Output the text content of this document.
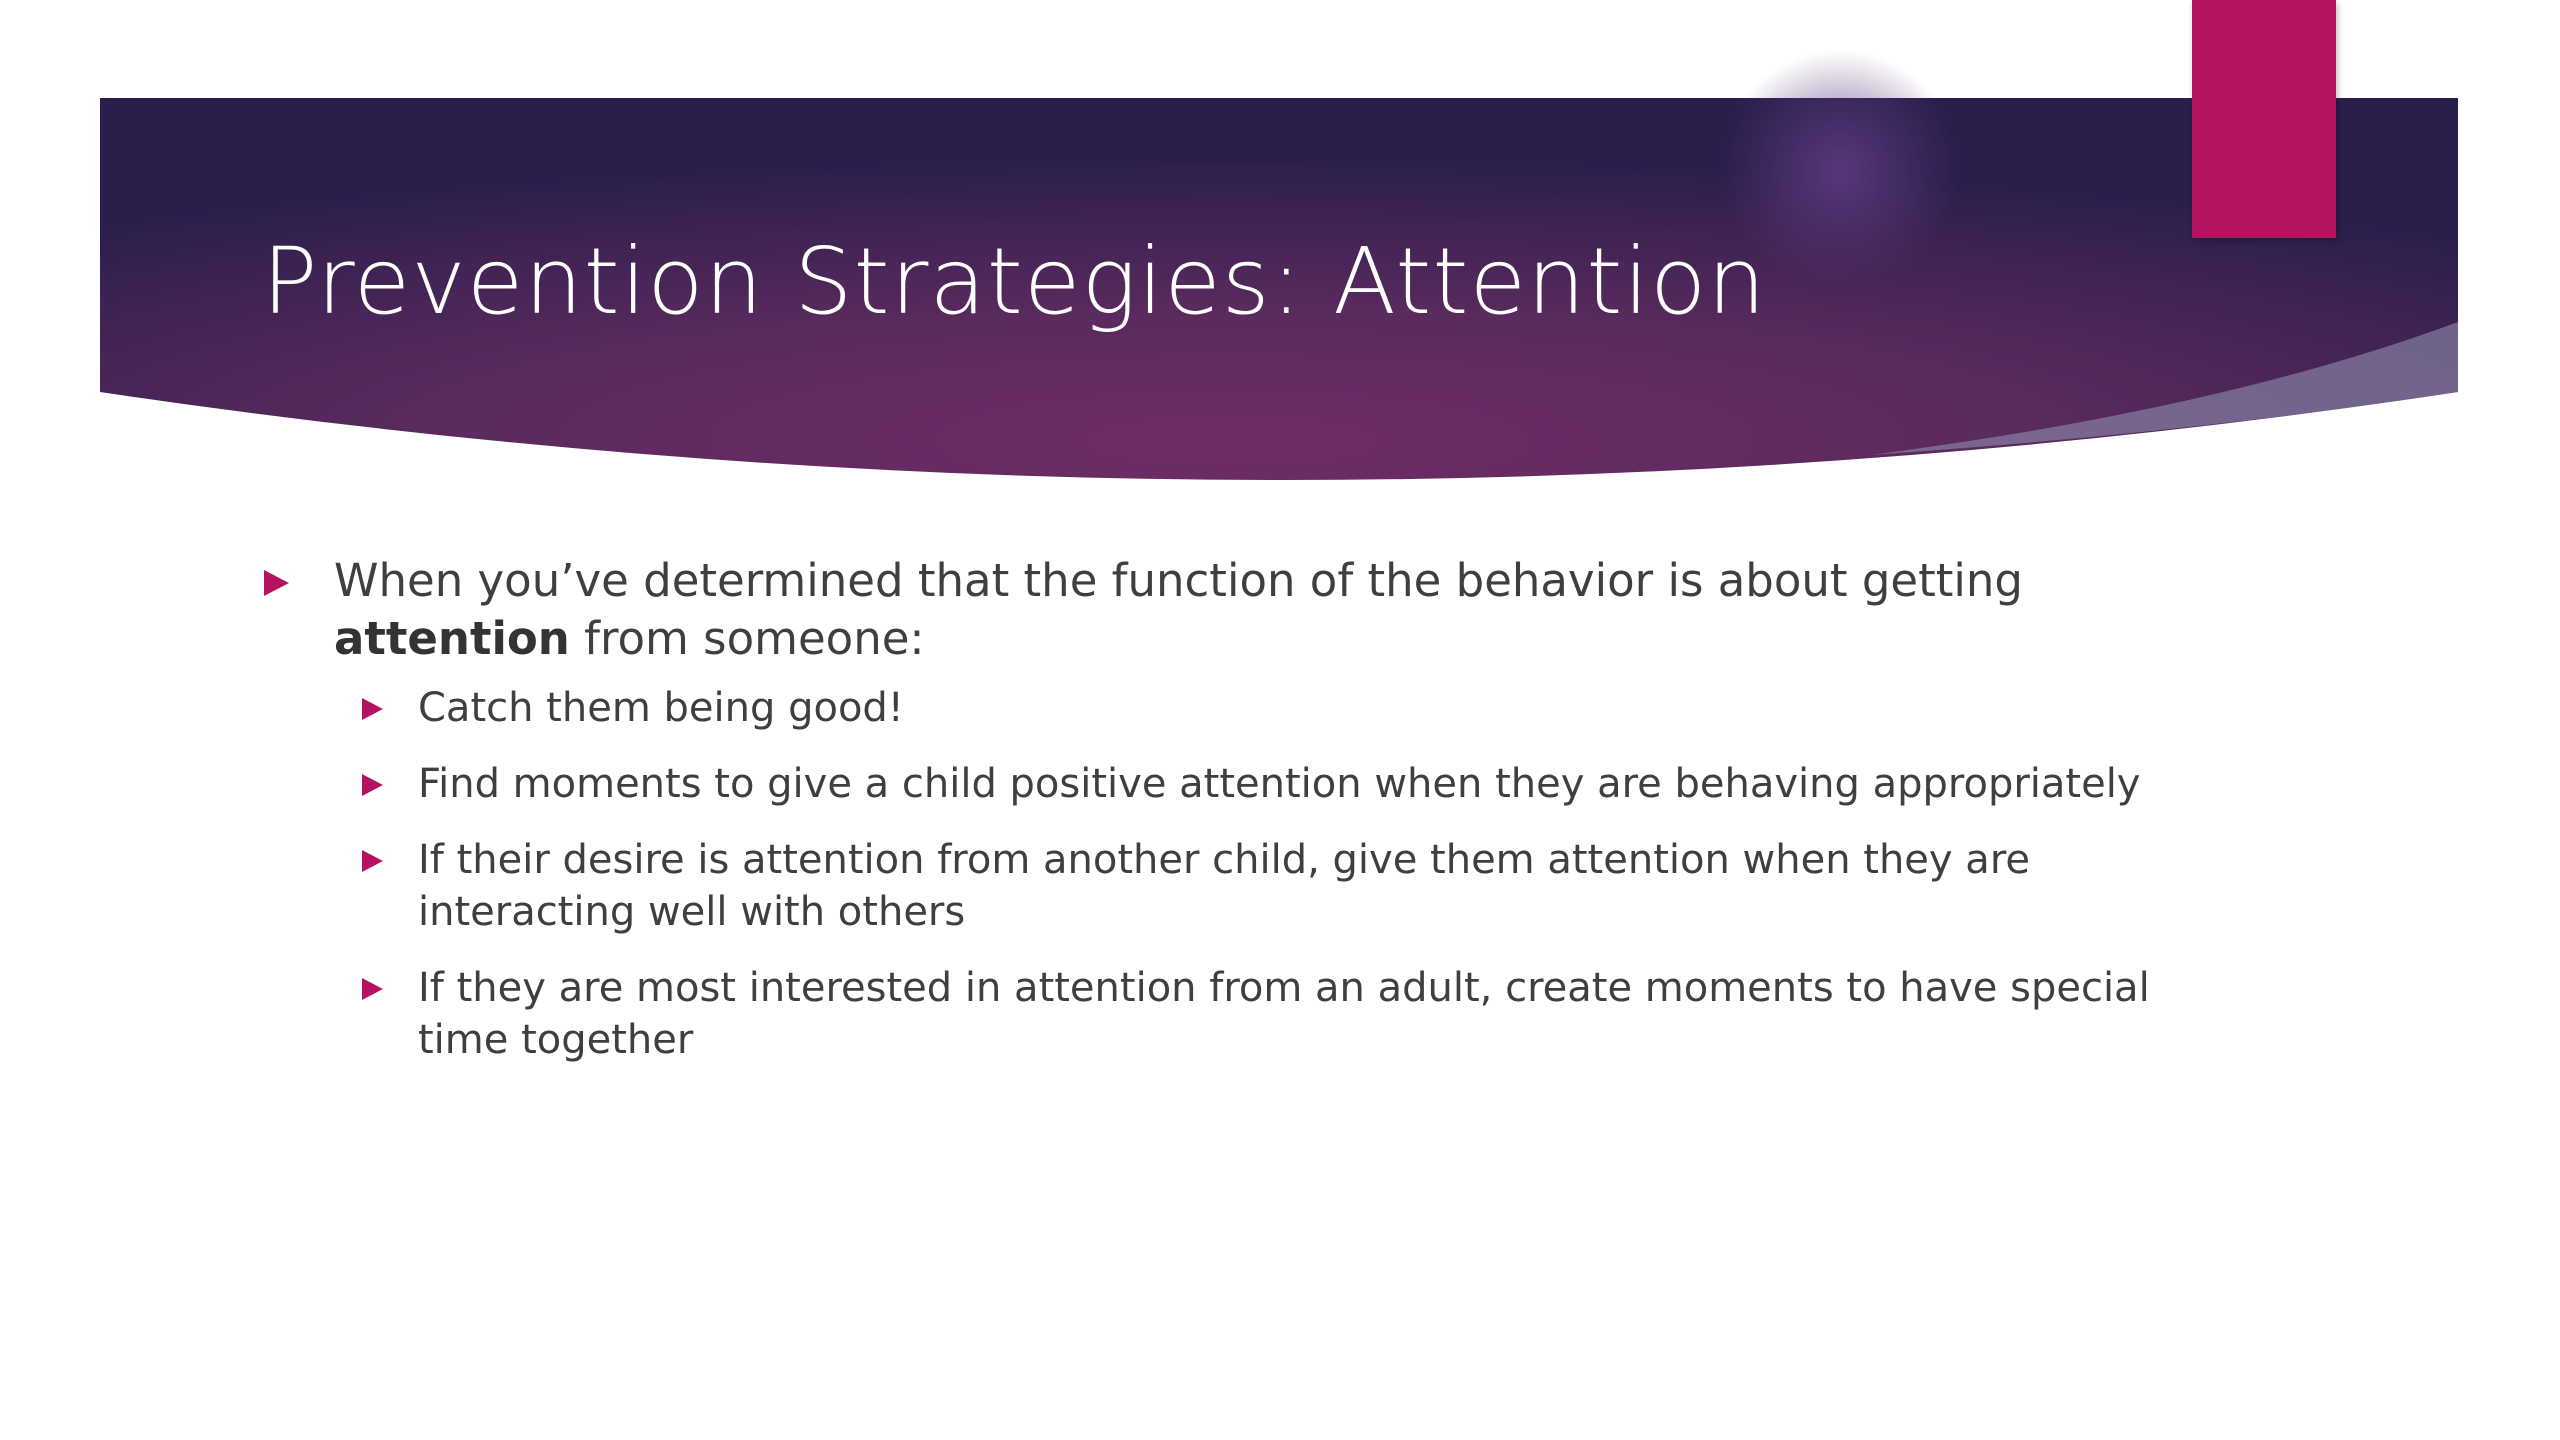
Prevention Strategies: Attention

When you’ve determined that the function of the behavior is about getting attention from someone:

Catch them being good!

Find moments to give a child positive attention when they are behaving appropriately

If their desire is attention from another child, give them attention when they are interacting well with others

If they are most interested in attention from an adult, create moments to have special time together
